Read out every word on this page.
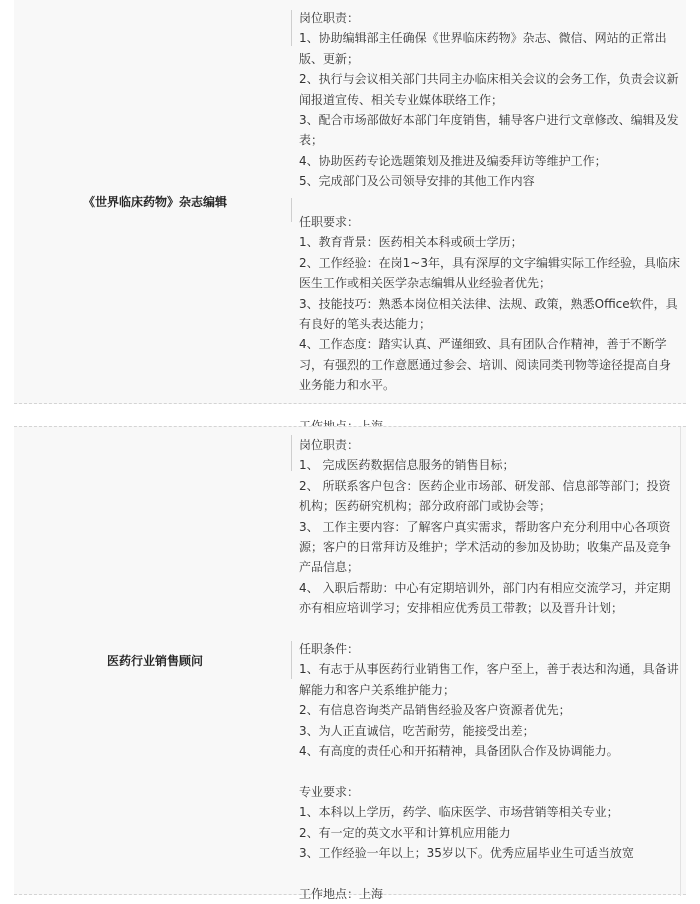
《世界临床药物》杂志编辑
岗位职责：
1、协助编辑部主任确保《世界临床药物》杂志、微信、网站的正常出版、更新；
2、执行与会议相关部门共同主办临床相关会议的会务工作，负责会议新闻报道宣传、相关专业媒体联络工作；
3、配合市场部做好本部门年度销售，辅导客户进行文章修改、编辑及发表；
4、协助医药专论选题策划及推进及编委拜访等维护工作；
5、完成部门及公司领导安排的其他工作内容
任职要求：
1、教育背景：医药相关本科或硕士学历；
2、工作经验：在岗1~3年，具有深厚的文字编辑实际工作经验，具临床医生工作或相关医学杂志编辑从业经验者优先；
3、技能技巧：熟悉本岗位相关法律、法规、政策，熟悉Office软件，具有良好的笔头表达能力；
4、工作态度：踏实认真、严谨细致、具有团队合作精神，善于不断学习，有强烈的工作意愿通过参会、培训、阅读同类刊物等途径提高自身业务能力和水平。
医药行业销售顾问
岗位职责：
1、 完成医药数据信息服务的销售目标；
2、 所联系客户包含：医药企业市场部、研发部、信息部等部门；投资机构；医药研究机构；部分政府部门或协会等；
3、 工作主要内容：了解客户真实需求，帮助客户充分利用中心各项资源；客户的日常拜访及维护；学术活动的参加及协助；收集产品及竞争产品信息；
4、 入职后帮助：中心有定期培训外，部门内有相应交流学习，并定期亦有相应培训学习；安排相应优秀员工带教；以及晋升计划；
任职条件：
1、有志于从事医药行业销售工作，客户至上，善于表达和沟通，具备讲解能力和客户关系维护能力；
2、有信息咨询类产品销售经验及客户资源者优先；
3、为人正直诚信，吃苦耐劳，能接受出差；
4、有高度的责任心和开拓精神，具备团队合作及协调能力。
专业要求：
1、本科以上学历，药学、临床医学、市场营销等相关专业；
2、有一定的英文水平和计算机应用能力
3、工作经验一年以上；35岁以下。优秀应届毕业生可适当放宽
工作地点：上海
